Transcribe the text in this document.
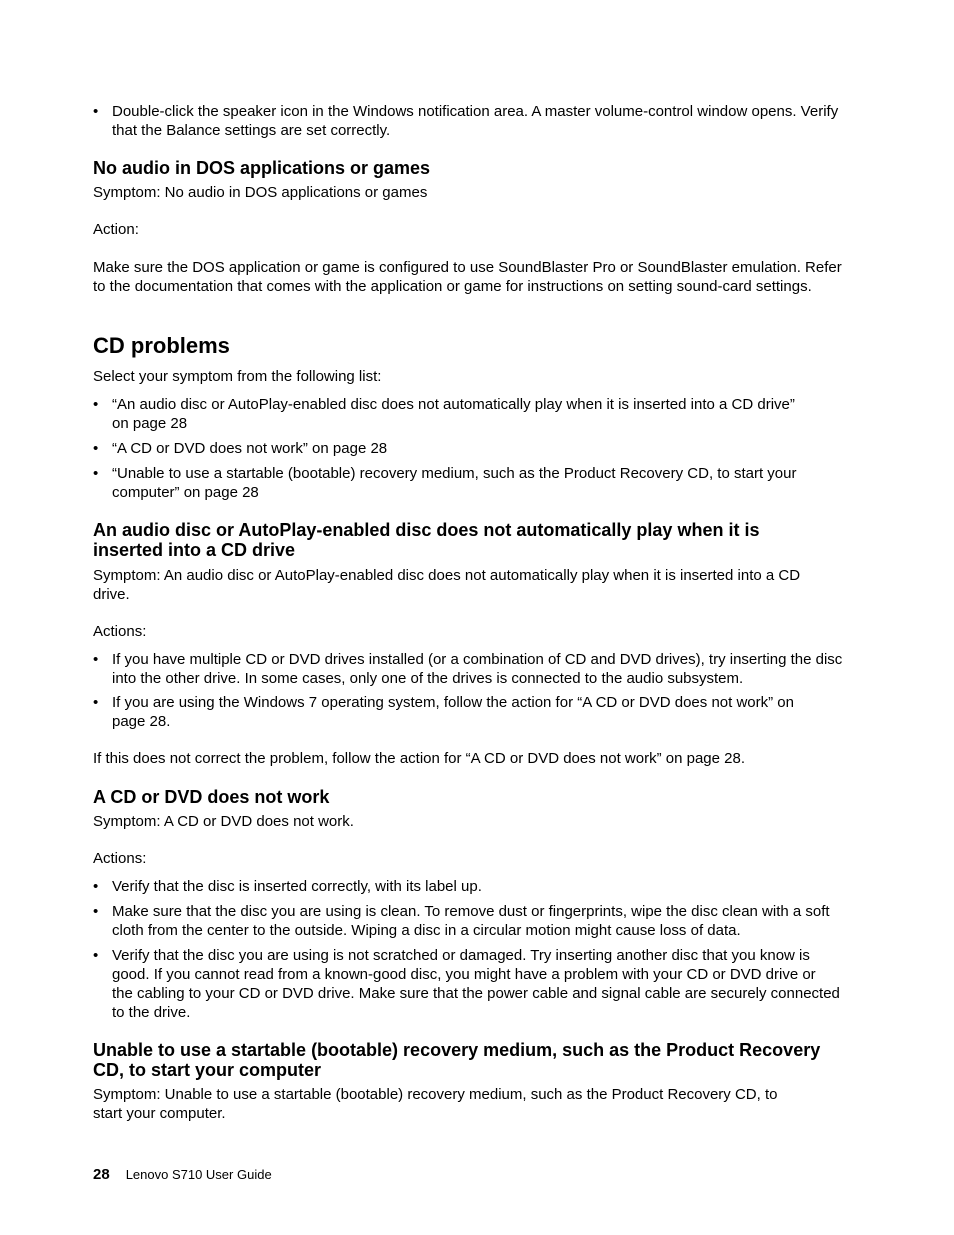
• Double-click the speaker icon in the Windows notification area. A master volume-control window opens. Verify that the Balance settings are set correctly.
No audio in DOS applications or games
Symptom: No audio in DOS applications or games
Action:
Make sure the DOS application or game is configured to use SoundBlaster Pro or SoundBlaster emulation. Refer to the documentation that comes with the application or game for instructions on setting sound-card settings.
CD problems
Select your symptom from the following list:
• “An audio disc or AutoPlay-enabled disc does not automatically play when it is inserted into a CD drive” on page 28
• “A CD or DVD does not work” on page 28
• “Unable to use a startable (bootable) recovery medium, such as the Product Recovery CD, to start your computer” on page 28
An audio disc or AutoPlay-enabled disc does not automatically play when it is inserted into a CD drive
Symptom: An audio disc or AutoPlay-enabled disc does not automatically play when it is inserted into a CD drive.
Actions:
• If you have multiple CD or DVD drives installed (or a combination of CD and DVD drives), try inserting the disc into the other drive. In some cases, only one of the drives is connected to the audio subsystem.
• If you are using the Windows 7 operating system, follow the action for “A CD or DVD does not work” on page 28.
If this does not correct the problem, follow the action for “A CD or DVD does not work” on page 28.
A CD or DVD does not work
Symptom: A CD or DVD does not work.
Actions:
• Verify that the disc is inserted correctly, with its label up.
• Make sure that the disc you are using is clean. To remove dust or fingerprints, wipe the disc clean with a soft cloth from the center to the outside. Wiping a disc in a circular motion might cause loss of data.
• Verify that the disc you are using is not scratched or damaged. Try inserting another disc that you know is good. If you cannot read from a known-good disc, you might have a problem with your CD or DVD drive or the cabling to your CD or DVD drive. Make sure that the power cable and signal cable are securely connected to the drive.
Unable to use a startable (bootable) recovery medium, such as the Product Recovery CD, to start your computer
Symptom: Unable to use a startable (bootable) recovery medium, such as the Product Recovery CD, to start your computer.
28 Lenovo S710 User Guide
